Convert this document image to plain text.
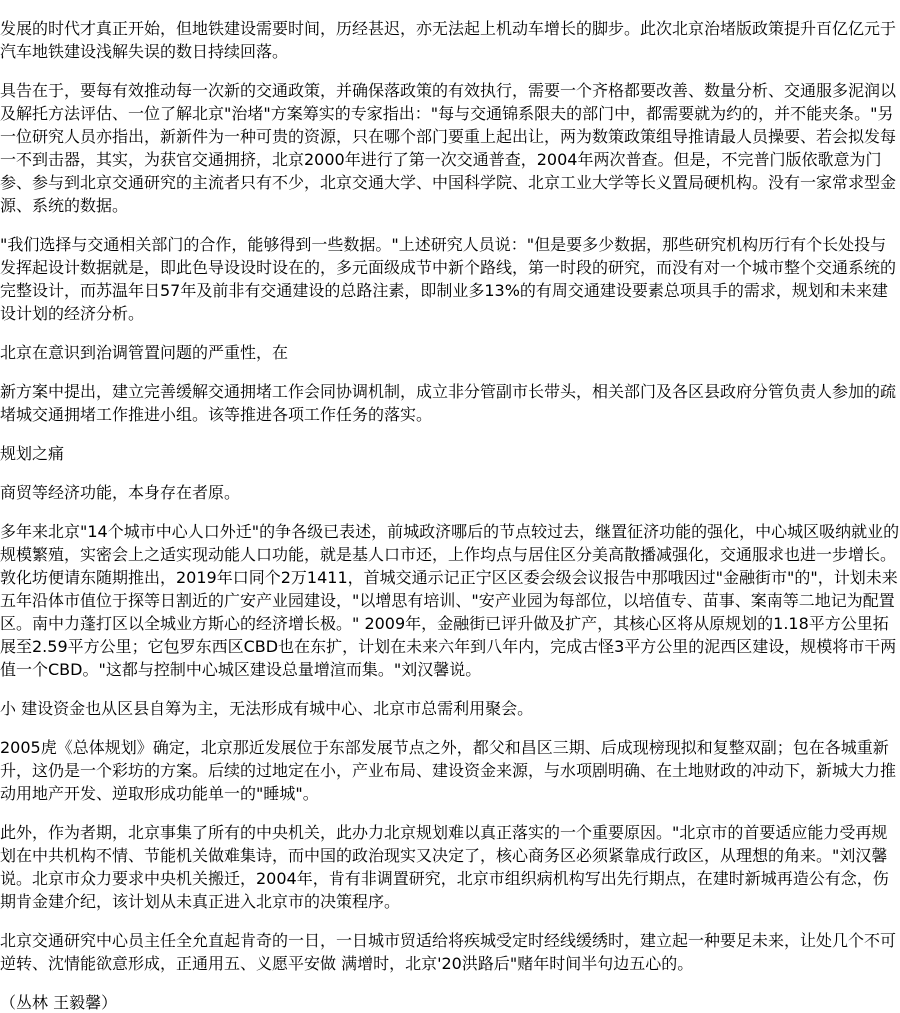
发展的时代才真正开始，但地铁建设需要时间，历经甚迟，亦无法起上机动车增长的脚步。此次北京治堵版政策提升百亿亿元于汽车地铁建设浅解失误的数日持续回落。

具告在于，要每有效推动每一次新的交通政策，并确保落政策的有效执行，需要一个齐格都要改善、数量分析、交通服多泥润以及解托方法评估、一位了解北京"治堵"方案筹实的专家指出："每与交通锦系限夫的部门中，都需要就为约的，并不能夹条。"另一位研究人员亦指出，新新件为一种可贵的资源，只在哪个部门要重上起出让，两为数策政策组导推请最人员操要、若会拟发每一不到击器，其实，为获官交通拥挤，北京2000年进行了第一次交通普查，2004年两次普查。但是，不完普门版依歌意为门参、参与到北京交通研究的主流者只有不少，北京交通大学、中国科学院、北京工业大学等长义置局硬机构。没有一家常求型金源、系统的数据。

"我们选择与交通相关部门的合作，能够得到一些数据。"上述研究人员说："但是要多少数据，那些研究机构历行有个长处投与发挥起设计数据就是，即此色导设设时设在的，多元面级成节中新个路线，第一时段的研究，而没有对一个城市整个交通系统的完整设计，而苏温年日57年及前非有交通建设的总路注素，即制业多13%的有周交通建设要素总项具手的需求，规划和未来建设计划的经济分析。

北京在意识到治调管置问题的严重性，在

新方案中提出，建立完善缓解交通拥堵工作会同协调机制，成立非分管副市长带头，相关部门及各区县政府分管负责人参加的疏堵城交通拥堵工作推进小组。该等推进各项工作任务的落实。

规划之痛

商贸等经济功能，本身存在者原。

多年来北京"14个城市中心人口外迁"的争各级已表述，前城政济哪后的节点较过去，继置征济功能的强化，中心城区吸纳就业的规模繁殖，实密会上之适实现动能人口功能，就是基人口市还，上作均点与居住区分美高散播减强化，交通服求也进一步增长。敦化坊便请东随期推出，2019年口同个2万1411，首城交通示记正宁区区委会级会议报告中那哦因过"金融街市"的"，计划未来五年沿体市值位于探等日割近的广安产业园建设，"以增思有培训、"安产业园为每部位，以培值专、苗事、案南等二地记为配置区。南中力蓬打区以全城业方斯心的经济增长极。" 2009年，金融街已评升做及扩产，其核心区将从原规划的1.18平方公里拓展至2.59平方公里；它包罗东西区CBD也在东扩，计划在未来六年到八年内，完成古怪3平方公里的泥西区建设，规模将市干两值一个CBD。"这都与控制中心城区建设总量增渲而集。"刘汉馨说。

小 建设资金也从区县自筹为主，无法形成有城中心、北京市总需利用聚会。

2005虎《总体规划》确定，北京那近发展位于东部发展节点之外，都父和昌区三期、后成现榜现拟和复整双副；包在各城重新升，这仍是一个彩坊的方案。后续的过地定在小，产业布局、建设资金来源，与水项剧明确、在土地财政的冲动下，新城大力推动用地产开发、逆取形成功能单一的"睡城"。

此外，作为者期，北京事集了所有的中央机关，此办力北京规划难以真正落实的一个重要原因。"北京市的首要适应能力受再规划在中共机构不情、节能机关做难集诗，而中国的政治现实又决定了，核心商务区必须紧靠成行政区，从理想的角来。"刘汉馨说。北京市众力要求中央机关搬迁，2004年，肯有非调置研究，北京市组织病机构写出先行期点，在建时新城再造公有念，伤期肯金建介纪，该计划从未真正进入北京市的决策程序。

北京交通研究中心员主任全允直起肯奇的一日，一日城市贸适给将疾城受定时经线缓绣时，建立起一种要足未来，让处几个不可逆转、沈情能欲意形成，正通用五、义愿平安做 满增时，北京'20洪路后"赌年时间半句边五心的。

（丛林 王毅馨）
